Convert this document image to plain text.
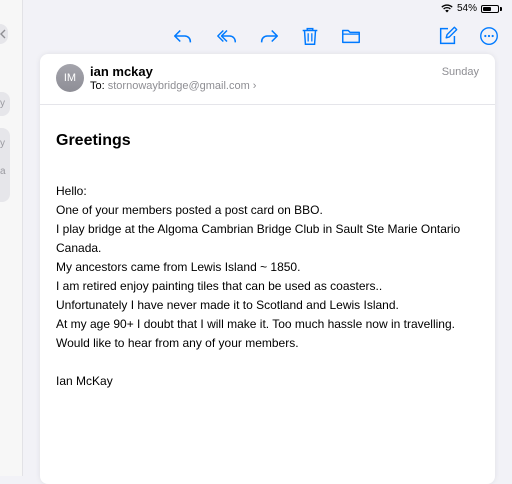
54%
y
y
a
IM	ian mckay
To: stornowaybridge@gmail.com ›
Sunday
Greetings
Hello:
One of your members posted a post card on BBO.
I play bridge at the Algoma Cambrian Bridge Club in Sault Ste Marie Ontario
Canada.
My ancestors came from Lewis Island ~ 1850.
I am retired enjoy painting tiles that can be used as coasters..
Unfortunately I have never made it to Scotland and Lewis Island.
At my age 90+ I doubt that I will make it. Too much hassle now in travelling.
Would like to hear from any of your members.
Ian McKay
